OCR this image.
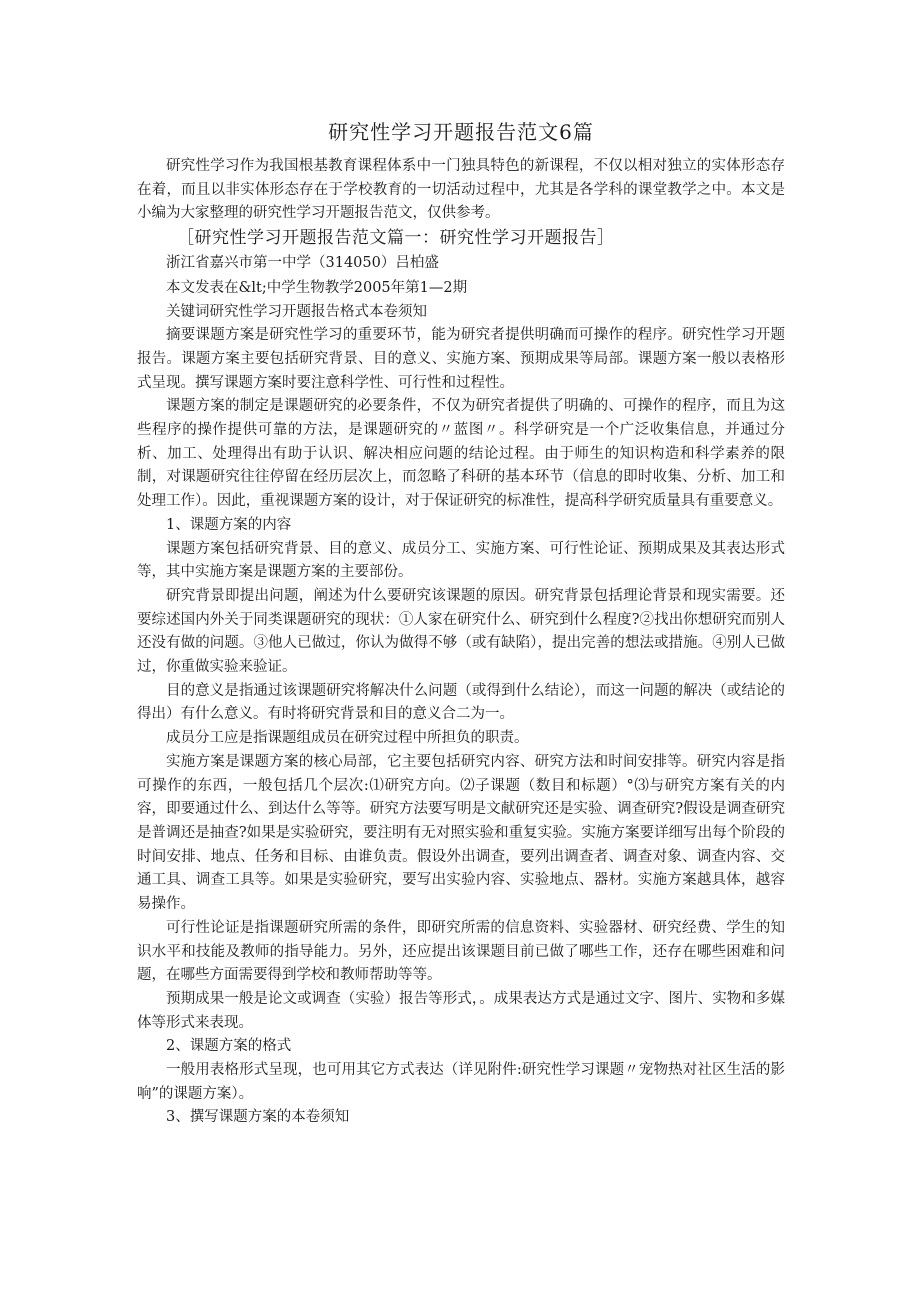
研究性学习开题报告范文6篇

研究性学习作为我国根基教育课程体系中一门独具特色的新课程，不仅以相对独立的实体形态存在着，而且以非实体形态存在于学校教育的一切活动过程中，尤其是各学科的课堂教学之中。本文是小编为大家整理的研究性学习开题报告范文，仅供参考。

［研究性学习开题报告范文篇一：研究性学习开题报告］

浙江省嘉兴市第一中学（314050）吕柏盛

本文发表在&lt;中学生物教学2005年第1—2期

关键词研究性学习开题报告格式本卷须知

摘要课题方案是研究性学习的重要环节，能为研究者提供明确而可操作的程序。研究性学习开题报告。课题方案主要包括研究背景、目的意义、实施方案、预期成果等局部。课题方案一般以表格形式呈现。撰写课题方案时要注意科学性、可行性和过程性。

课题方案的制定是课题研究的必要条件，不仅为研究者提供了明确的、可操作的程序，而且为这些程序的操作提供可靠的方法，是课题研究的〃蓝图〃。科学研究是一个广泛收集信息，并通过分析、加工、处理得出有助于认识、解决相应问题的结论过程。由于师生的知识构造和科学素养的限制，对课题研究往往停留在经历层次上，而忽略了科研的基本环节（信息的即时收集、分析、加工和处理工作）。因此，重视课题方案的设计，对于保证研究的标准性，提高科学研究质量具有重要意义。

1、课题方案的内容

课题方案包括研究背景、目的意义、成员分工、实施方案、可行性论证、预期成果及其表达形式等，其中实施方案是课题方案的主要部份。

研究背景即提出问题，阐述为什么要研究该课题的原因。研究背景包括理论背景和现实需要。还要综述国内外关于同类课题研究的现状：①人家在研究什么、研究到什么程度?②找出你想研究而别人还没有做的问题。③他人已做过，你认为做得不够（或有缺陷），提出完善的想法或措施。④别人已做过，你重做实验来验证。

目的意义是指通过该课题研究将解决什么问题（或得到什么结论），而这一问题的解决（或结论的得出）有什么意义。有时将研究背景和目的意义合二为一。

成员分工应是指课题组成员在研究过程中所担负的职责。

实施方案是课题方案的核心局部，它主要包括研究内容、研究方法和时间安排等。研究内容是指可操作的东西，一般包括几个层次:⑴研究方向。⑵子课题（数目和标题）°⑶与研究方案有关的内容，即要通过什么、到达什么等等。研究方法要写明是文献研究还是实验、调查研究?假设是调查研究是普调还是抽查?如果是实验研究，要注明有无对照实验和重复实验。实施方案要详细写出每个阶段的时间安排、地点、任务和目标、由谁负责。假设外出调查，要列出调查者、调查对象、调查内容、交通工具、调查工具等。如果是实验研究，要写出实验内容、实验地点、器材。实施方案越具体，越容易操作。

可行性论证是指课题研究所需的条件，即研究所需的信息资料、实验器材、研究经费、学生的知识水平和技能及教师的指导能力。另外，还应提出该课题目前已做了哪些工作，还存在哪些困难和问题，在哪些方面需要得到学校和教师帮助等等。

预期成果一般是论文或调查（实验）报告等形式，。成果表达方式是通过文字、图片、实物和多媒体等形式来表现。

2、课题方案的格式

一般用表格形式呈现，也可用其它方式表达（详见附件:研究性学习课题〃宠物热对社区生活的影响”的课题方案）。

3、撰写课题方案的本卷须知
